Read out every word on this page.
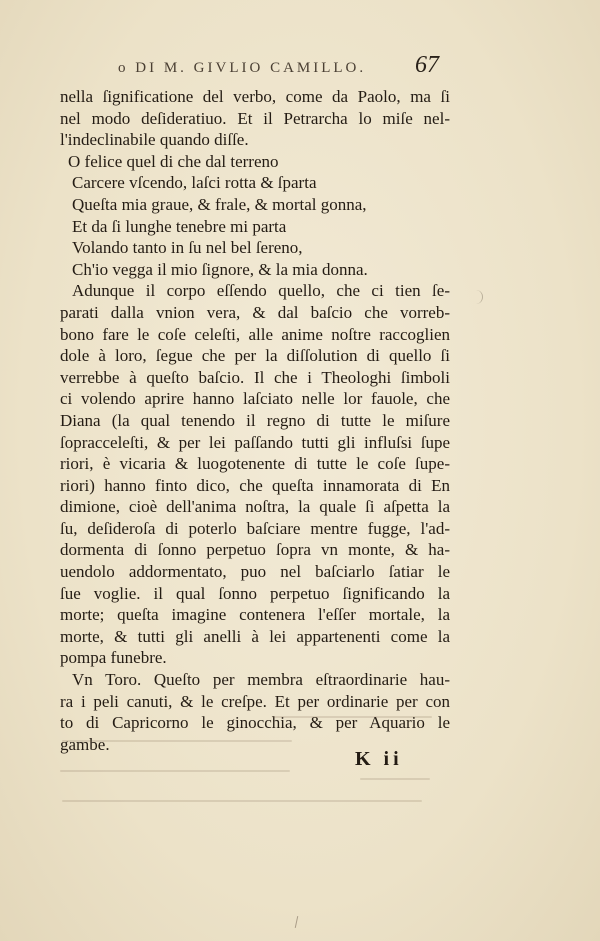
o DI M. GIVLIO CAMILLO.	67
nella ſignificatione del verbo, come da Paolo, ma ſi
nel modo deſideratiuo. Et il Petrarcha lo miſe nel-
l'indeclinabile quando diſſe.
O felice quel di che dal terreno
Carcere vſcendo, laſci rotta & ſparta
Queſta mia graue, & frale, & mortal gonna,
Et da ſi lunghe tenebre mi parta
Volando tanto in ſu nel bel ſereno,
Ch'io vegga il mio ſignore, & la mia donna.
Adunque il corpo eſſendo quello, che ci tien ſe-
parati dalla vnion vera, & dal baſcio che vorreb-
bono fare le coſe celeſti, alle anime noſtre raccoglien
dole à loro, ſegue che per la diſſolution di quello ſi
verrebbe à queſto baſcio. Il che i Theologhi ſimboli
ci volendo aprire hanno laſciato nelle lor fauole, che
Diana (la qual tenendo il regno di tutte le miſure
ſopracceleſti, & per lei paſſando tutti gli influſsi ſupe
riori, è vicaria & luogotenente di tutte le coſe ſupe-
riori) hanno finto dico, che queſta innamorata di En
dimione, cioè dell'anima noſtra, la quale ſi aſpetta la
ſu, deſideroſa di poterlo baſciare mentre fugge, l'ad-
dormenta di ſonno perpetuo ſopra vn monte, & ha-
uendolo addormentato, puo nel baſciarlo ſatiar le
ſue voglie. il qual ſonno perpetuo ſignificando la
morte; queſta imagine contenera l'eſſer mortale, la
morte, & tutti gli anelli à lei appartenenti come la
pompa funebre.
Vn Toro. Queſto per membra eſtraordinarie hau-
ra i peli canuti, & le creſpe. Et per ordinarie per con
to di Capricorno le ginocchia, & per Aquario le
gambe.
K ii
